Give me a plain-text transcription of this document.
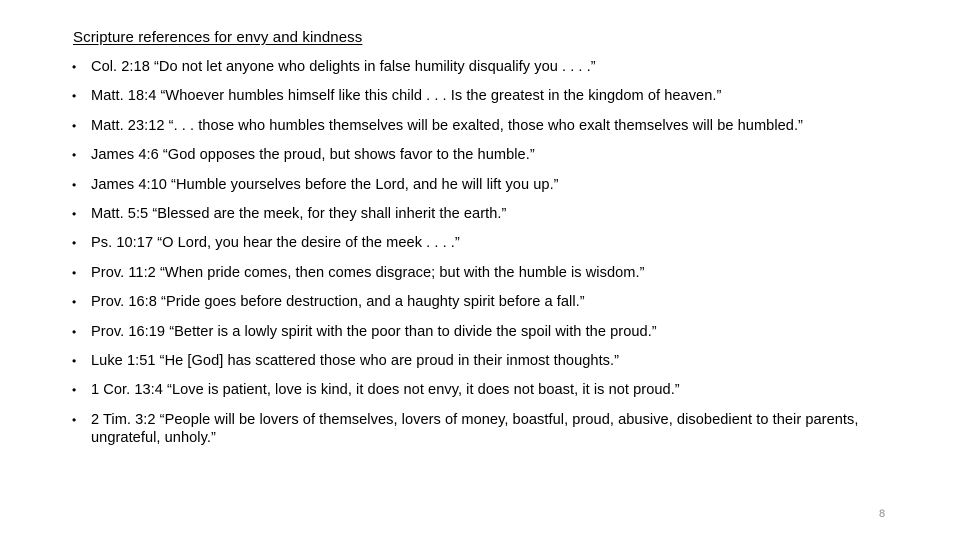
Scripture references for envy and kindness
• Col. 2:18 “Do not let anyone who delights in false humility disqualify you . . . .”
• Matt. 18:4 “Whoever humbles himself like this child . . . Is the greatest in the kingdom of heaven.”
• Matt. 23:12 “. . . those who humbles themselves will be exalted, those who exalt themselves will be humbled.”
• James 4:6 “God opposes the proud, but shows favor to the humble.”
• James 4:10 “Humble yourselves before the Lord, and he will lift you up.”
• Matt. 5:5 “Blessed are the meek, for they shall inherit the earth.”
• Ps. 10:17 “O Lord, you hear the desire of the meek . . . .”
• Prov. 11:2 “When pride comes, then comes disgrace; but with the humble is wisdom.”
• Prov. 16:8 “Pride goes before destruction, and a haughty spirit before a fall.”
• Prov. 16:19 “Better is a lowly spirit with the poor than to divide the spoil with the proud.”
• Luke 1:51 “He [God] has scattered those who are proud in their inmost thoughts.”
• 1 Cor. 13:4 “Love is patient, love is kind, it does not envy, it does not boast, it is not proud.”
• 2 Tim. 3:2 “People will be lovers of themselves, lovers of money, boastful, proud, abusive, disobedient to their parents, ungrateful, unholy.”
8
